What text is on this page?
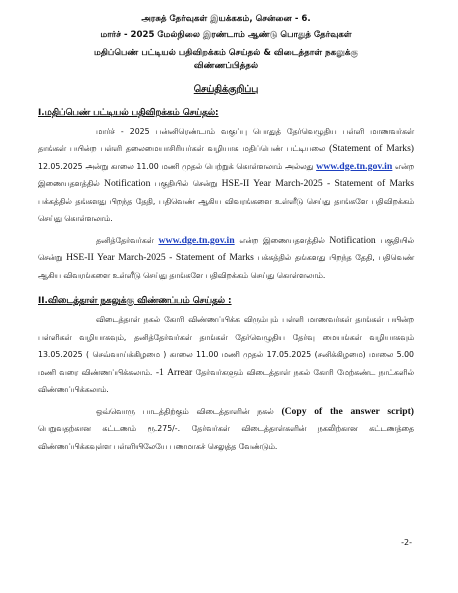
அரசுத் தேர்வுகள் இயக்ககம், சென்னை - 6.
மார்ச் - 2025 மேல்நிலை இரண்டாம் ஆண்டு பொதுத் தேர்வுகள்
மதிப்பெண் பட்டியல் பதிவிறக்கம் செய்தல் & விடைத்தாள் நகலுக்கு
விண்ணப்பித்தல்
செய்திக்குறிப்பு
I.மதிப்பெண் பட்டியல் பதிவிறக்கம் செய்தல்:

மார்ச் - 2025 பன்னிரெண்டாம் வகுப்பு பொதுத் தேர்வெழுதிய பள்ளி மாணவர்கள் தாங்கள் பயின்ற பள்ளி தலைமையாசிரியர்கள் வழியாக மதிப்பெண் பட்டியலை (Statement of Marks) 12.05.2025 அன்று காலை 11.00 மணி முதல் பெற்றுக் கொள்ளலாம் அல்லது www.dge.tn.gov.in என்ற இணையதளத்தில் Notification பகுதியில் சென்று HSE-II Year March-2025 - Statement of Marks பக்கத்தில் தங்களது பிறந்த தேதி, பதிவெண் ஆகிய விவரங்களை உள்ளீடு செய்து தாங்களே பதிவிறக்கம் செய்து கொள்ளலாம்.

தனித்தேர்வர்கள் www.dge.tn.gov.in என்ற இணையதளத்தில் Notification பகுதியில் சென்று HSE-II Year March-2025 - Statement of Marks பக்கத்தில் தங்களது பிறந்த தேதி, பதிவெண் ஆகிய விவரங்களை உள்ளீடு செய்து தாங்களே பதிவிறக்கம் செய்து கொள்ளலாம்.

II.விடைத்தாள் நகலுக்கு விண்ணப்பம் செய்தல் :

விடைத்தாள் நகல் கோரி விண்ணப்பிக்க விரும்பும் பள்ளி மாணவர்கள் தாங்கள் பயின்ற பள்ளிகள் வழியாகவும், தனித்தேர்வர்கள் தாங்கள் தேர்வெழுதிய தேர்வு மையங்கள் வழியாகவும் 13.05.2025 ( செவ்வாய்க்கிழமை ) காலை 11.00 மணி முதல் 17.05.2025 (சனிக்கிழமை) மாலை 5.00 மணி வரை விண்ணப்பிக்கலாம். -1 Arrear தேர்வர்களும் விடைத்தாள் நகல் கோரி மேற்கண்ட நாட்களில் விண்ணப்பிக்கலாம்.

ஒவ்வொரு பாடத்திற்கும் விடைத்தாளின் நகல் (Copy of the answer script) பெறுவதற்கான கட்டணம் ரூ.275/-. தேர்வர்கள் விடைத்தாள்களின் நகலிற்கான கட்டணத்தை விண்ணப்பிக்கவுள்ள பள்ளியிலேயே பணமாகச் செலுத்த வேண்டும்.

-2-
